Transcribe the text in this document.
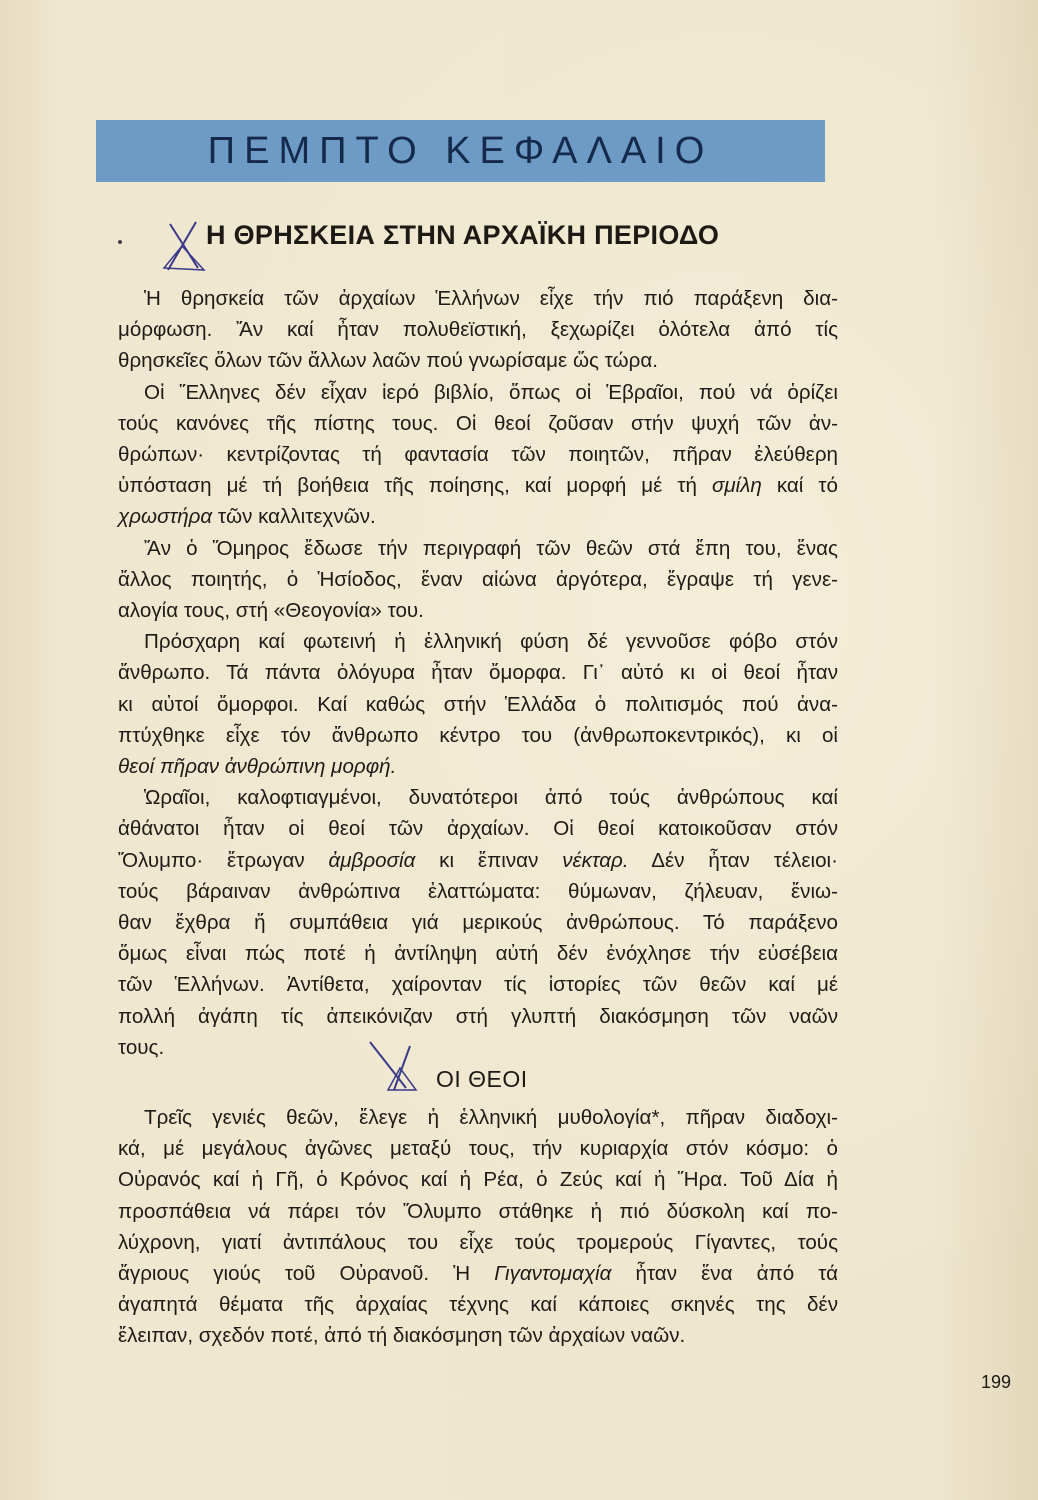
ΠΕΜΠΤΟ ΚΕΦΑΛΑΙΟ
Η ΘΡΗΣΚΕΙΑ ΣΤΗΝ ΑΡΧΑΪΚΗ ΠΕΡΙΟΔΟ
Ἡ θρησκεία τῶν ἀρχαίων Ἑλλήνων εἶχε τήν πιό παράξενη δια-
μόρφωση. Ἄν καί ἦταν πολυθεϊστική, ξεχωρίζει ὁλότελα ἀπό τίς
θρησκεῖες ὅλων τῶν ἄλλων λαῶν πού γνωρίσαμε ὥς τώρα.
Οἱ Ἕλληνες δέν εἶχαν ἱερό βιβλίο, ὅπως οἱ Ἑβραῖοι, πού νά ὁρίζει
τούς κανόνες τῆς πίστης τους. Οἱ θεοί ζοῦσαν στήν ψυχή τῶν ἀν-
θρώπων· κεντρίζοντας τή φαντασία τῶν ποιητῶν, πῆραν ἐλεύθερη
ὑπόσταση μέ τή βοήθεια τῆς ποίησης, καί μορφή μέ τή σμίλη καί τό
χρωστήρα τῶν καλλιτεχνῶν.
Ἄν ὁ Ὅμηρος ἔδωσε τήν περιγραφή τῶν θεῶν στά ἔπη του, ἕνας
ἄλλος ποιητής, ὁ Ἡσίοδος, ἕναν αἰώνα ἀργότερα, ἔγραψε τή γενε-
αλογία τους, στή «Θεογονία» του.
Πρόσχαρη καί φωτεινή ἡ ἑλληνική φύση δέ γεννοῦσε φόβο στόν
ἄνθρωπο. Τά πάντα ὁλόγυρα ἦταν ὄμορφα. Γι᾽ αὐτό κι οἱ θεοί ἦταν
κι αὐτοί ὄμορφοι. Καί καθώς στήν Ἑλλάδα ὁ πολιτισμός πού ἀνα-
πτύχθηκε εἶχε τόν ἄνθρωπο κέντρο του (ἀνθρωποκεντρικός), κι οἱ
θεοί πῆραν ἀνθρώπινη μορφή.
Ὡραῖοι, καλοφτιαγμένοι, δυνατότεροι ἀπό τούς ἀνθρώπους καί
ἀθάνατοι ἦταν οἱ θεοί τῶν ἀρχαίων. Οἱ θεοί κατοικοῦσαν στόν
Ὄλυμπο· ἔτρωγαν ἀμβροσία κι ἔπιναν νέκταρ. Δέν ἦταν τέλειοι·
τούς βάραιναν ἀνθρώπινα ἐλαττώματα: θύμωναν, ζήλευαν, ἔνιω-
θαν ἔχθρα ἤ συμπάθεια γιά μερικούς ἀνθρώπους. Τό παράξενο
ὅμως εἶναι πώς ποτέ ἡ ἀντίληψη αὐτή δέν ἐνόχλησε τήν εὐσέβεια
τῶν Ἑλλήνων. Ἀντίθετα, χαίρονταν τίς ἱστορίες τῶν θεῶν καί μέ
πολλή ἀγάπη τίς ἀπεικόνιζαν στή γλυπτή διακόσμηση τῶν ναῶν
τους.
ΟΙ ΘΕΟΙ
Τρεῖς γενιές θεῶν, ἔλεγε ἡ ἑλληνική μυθολογία*, πῆραν διαδοχι-
κά, μέ μεγάλους ἀγῶνες μεταξύ τους, τήν κυριαρχία στόν κόσμο: ὁ
Οὐρανός καί ἡ Γῆ, ὁ Κρόνος καί ἡ Ρέα, ὁ Ζεύς καί ἡ Ἥρα. Τοῦ Δία ἡ
προσπάθεια νά πάρει τόν Ὄλυμπο στάθηκε ἡ πιό δύσκολη καί πο-
λύχρονη, γιατί ἀντιπάλους του εἶχε τούς τρομερούς Γίγαντες, τούς
ἄγριους γιούς τοῦ Οὐρανοῦ. Ἡ Γιγαντομαχία ἦταν ἕνα ἀπό τά
ἀγαπητά θέματα τῆς ἀρχαίας τέχνης καί κάποιες σκηνές της δέν
ἔλειπαν, σχεδόν ποτέ, ἀπό τή διακόσμηση τῶν ἀρχαίων ναῶν.
199
